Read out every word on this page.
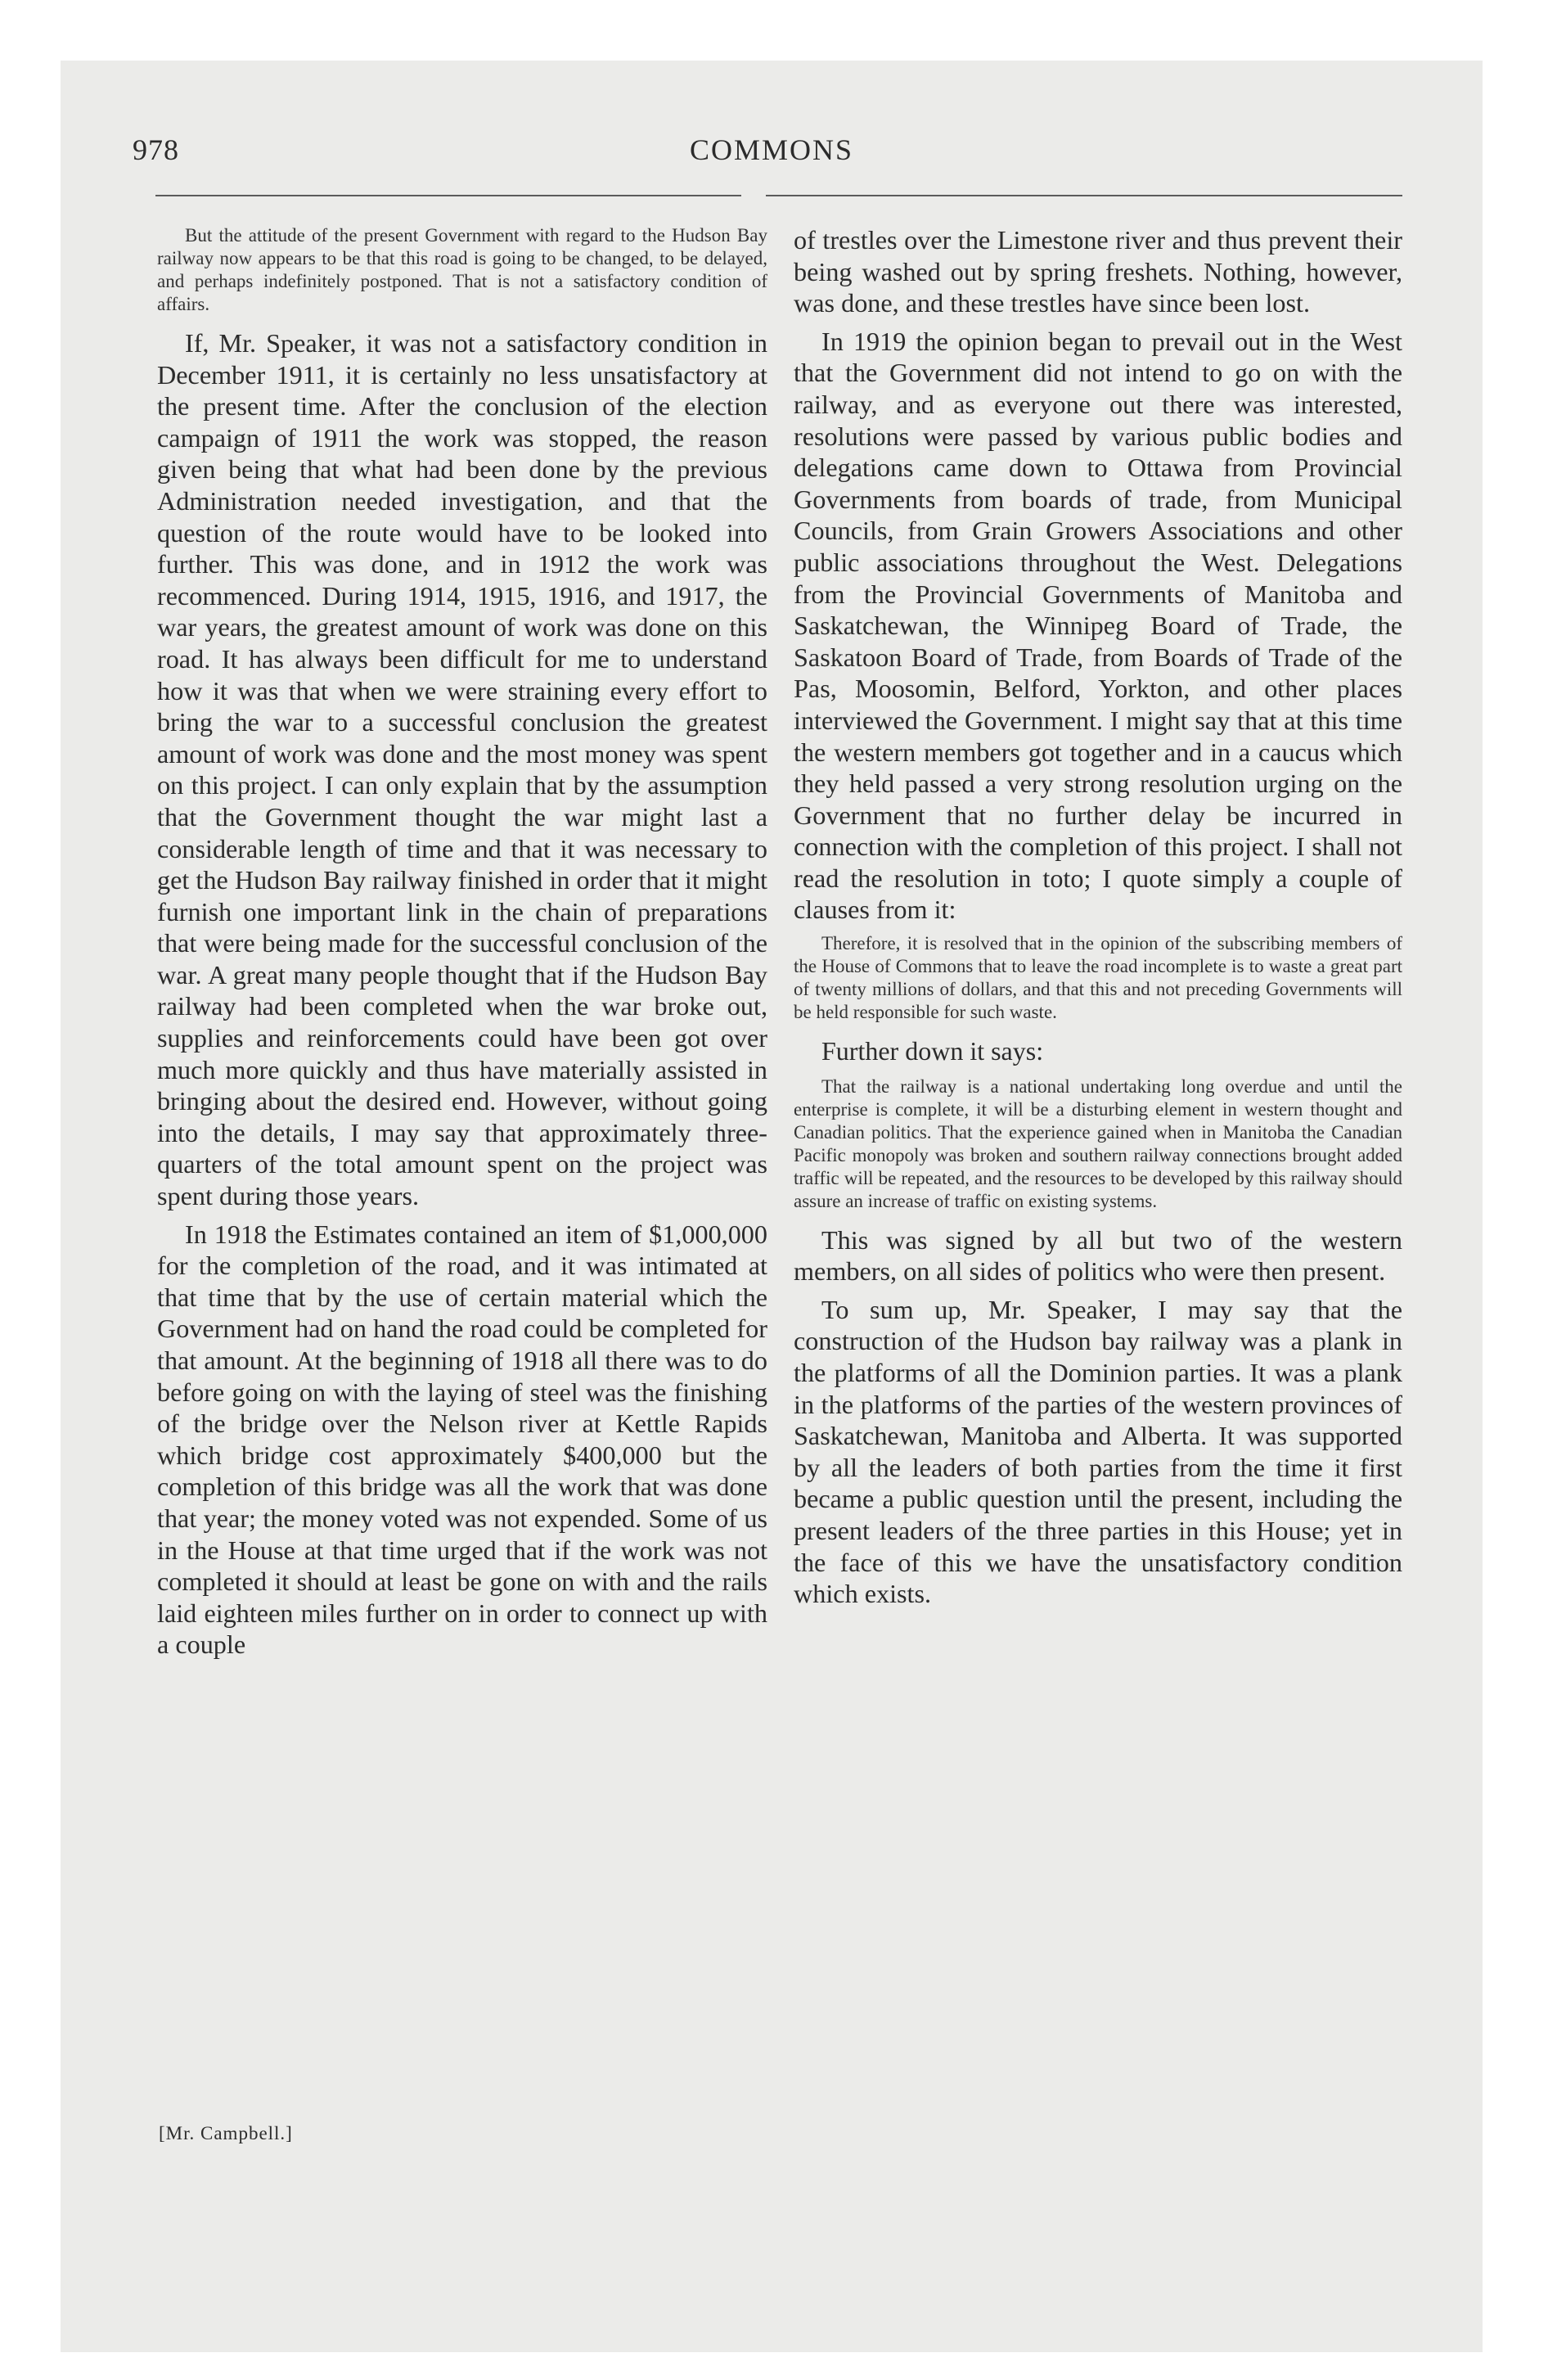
978	COMMONS

But the attitude of the present Government with regard to the Hudson Bay railway now appears to be that this road is going to be changed, to be delayed, and perhaps indefinitely postponed. That is not a satisfactory condition of affairs.

If, Mr. Speaker, it was not a satisfactory condition in December 1911, it is certainly no less unsatisfactory at the present time. After the conclusion of the election campaign of 1911 the work was stopped, the reason given being that what had been done by the previous Administration needed investigation, and that the question of the route would have to be looked into further. This was done, and in 1912 the work was recommenced. During 1914, 1915, 1916, and 1917, the war years, the greatest amount of work was done on this road. It has always been difficult for me to understand how it was that when we were straining every effort to bring the war to a successful conclusion the greatest amount of work was done and the most money was spent on this project. I can only explain that by the assumption that the Government thought the war might last a considerable length of time and that it was necessary to get the Hudson Bay railway finished in order that it might furnish one important link in the chain of preparations that were being made for the successful conclusion of the war. A great many people thought that if the Hudson Bay railway had been completed when the war broke out, supplies and reinforcements could have been got over much more quickly and thus have materially assisted in bringing about the desired end. However, without going into the details, I may say that approximately three-quarters of the total amount spent on the project was spent during those years.

In 1918 the Estimates contained an item of $1,000,000 for the completion of the road, and it was intimated at that time that by the use of certain material which the Government had on hand the road could be completed for that amount. At the beginning of 1918 all there was to do before going on with the laying of steel was the finishing of the bridge over the Nelson river at Kettle Rapids which bridge cost approximately $400,000 but the completion of this bridge was all the work that was done that year; the money voted was not expended. Some of us in the House at that time urged that if the work was not completed it should at least be gone on with and the rails laid eighteen miles further on in order to connect up with a couple

of trestles over the Limestone river and thus prevent their being washed out by spring freshets. Nothing, however, was done, and these trestles have since been lost.

In 1919 the opinion began to prevail out in the West that the Government did not intend to go on with the railway, and as everyone out there was interested, resolutions were passed by various public bodies and delegations came down to Ottawa from Provincial Governments from boards of trade, from Municipal Councils, from Grain Growers Associations and other public associations throughout the West. Delegations from the Provincial Governments of Manitoba and Saskatchewan, the Winnipeg Board of Trade, the Saskatoon Board of Trade, from Boards of Trade of the Pas, Moosomin, Belford, Yorkton, and other places interviewed the Government. I might say that at this time the western members got together and in a caucus which they held passed a very strong resolution urging on the Government that no further delay be incurred in connection with the completion of this project. I shall not read the resolution in toto; I quote simply a couple of clauses from it:

Therefore, it is resolved that in the opinion of the subscribing members of the House of Commons that to leave the road incomplete is to waste a great part of twenty millions of dollars, and that this and not preceding Governments will be held responsible for such waste.

Further down it says:

That the railway is a national undertaking long overdue and until the enterprise is complete, it will be a disturbing element in western thought and Canadian politics. That the experience gained when in Manitoba the Canadian Pacific monopoly was broken and southern railway connections brought added traffic will be repeated, and the resources to be developed by this railway should assure an increase of traffic on existing systems.

This was signed by all but two of the western members, on all sides of politics who were then present.

To sum up, Mr. Speaker, I may say that the construction of the Hudson bay railway was a plank in the platforms of all the Dominion parties. It was a plank in the platforms of the parties of the western provinces of Saskatchewan, Manitoba and Alberta. It was supported by all the leaders of both parties from the time it first became a public question until the present, including the present leaders of the three parties in this House; yet in the face of this we have the unsatisfactory condition which exists.

[Mr. Campbell.]
